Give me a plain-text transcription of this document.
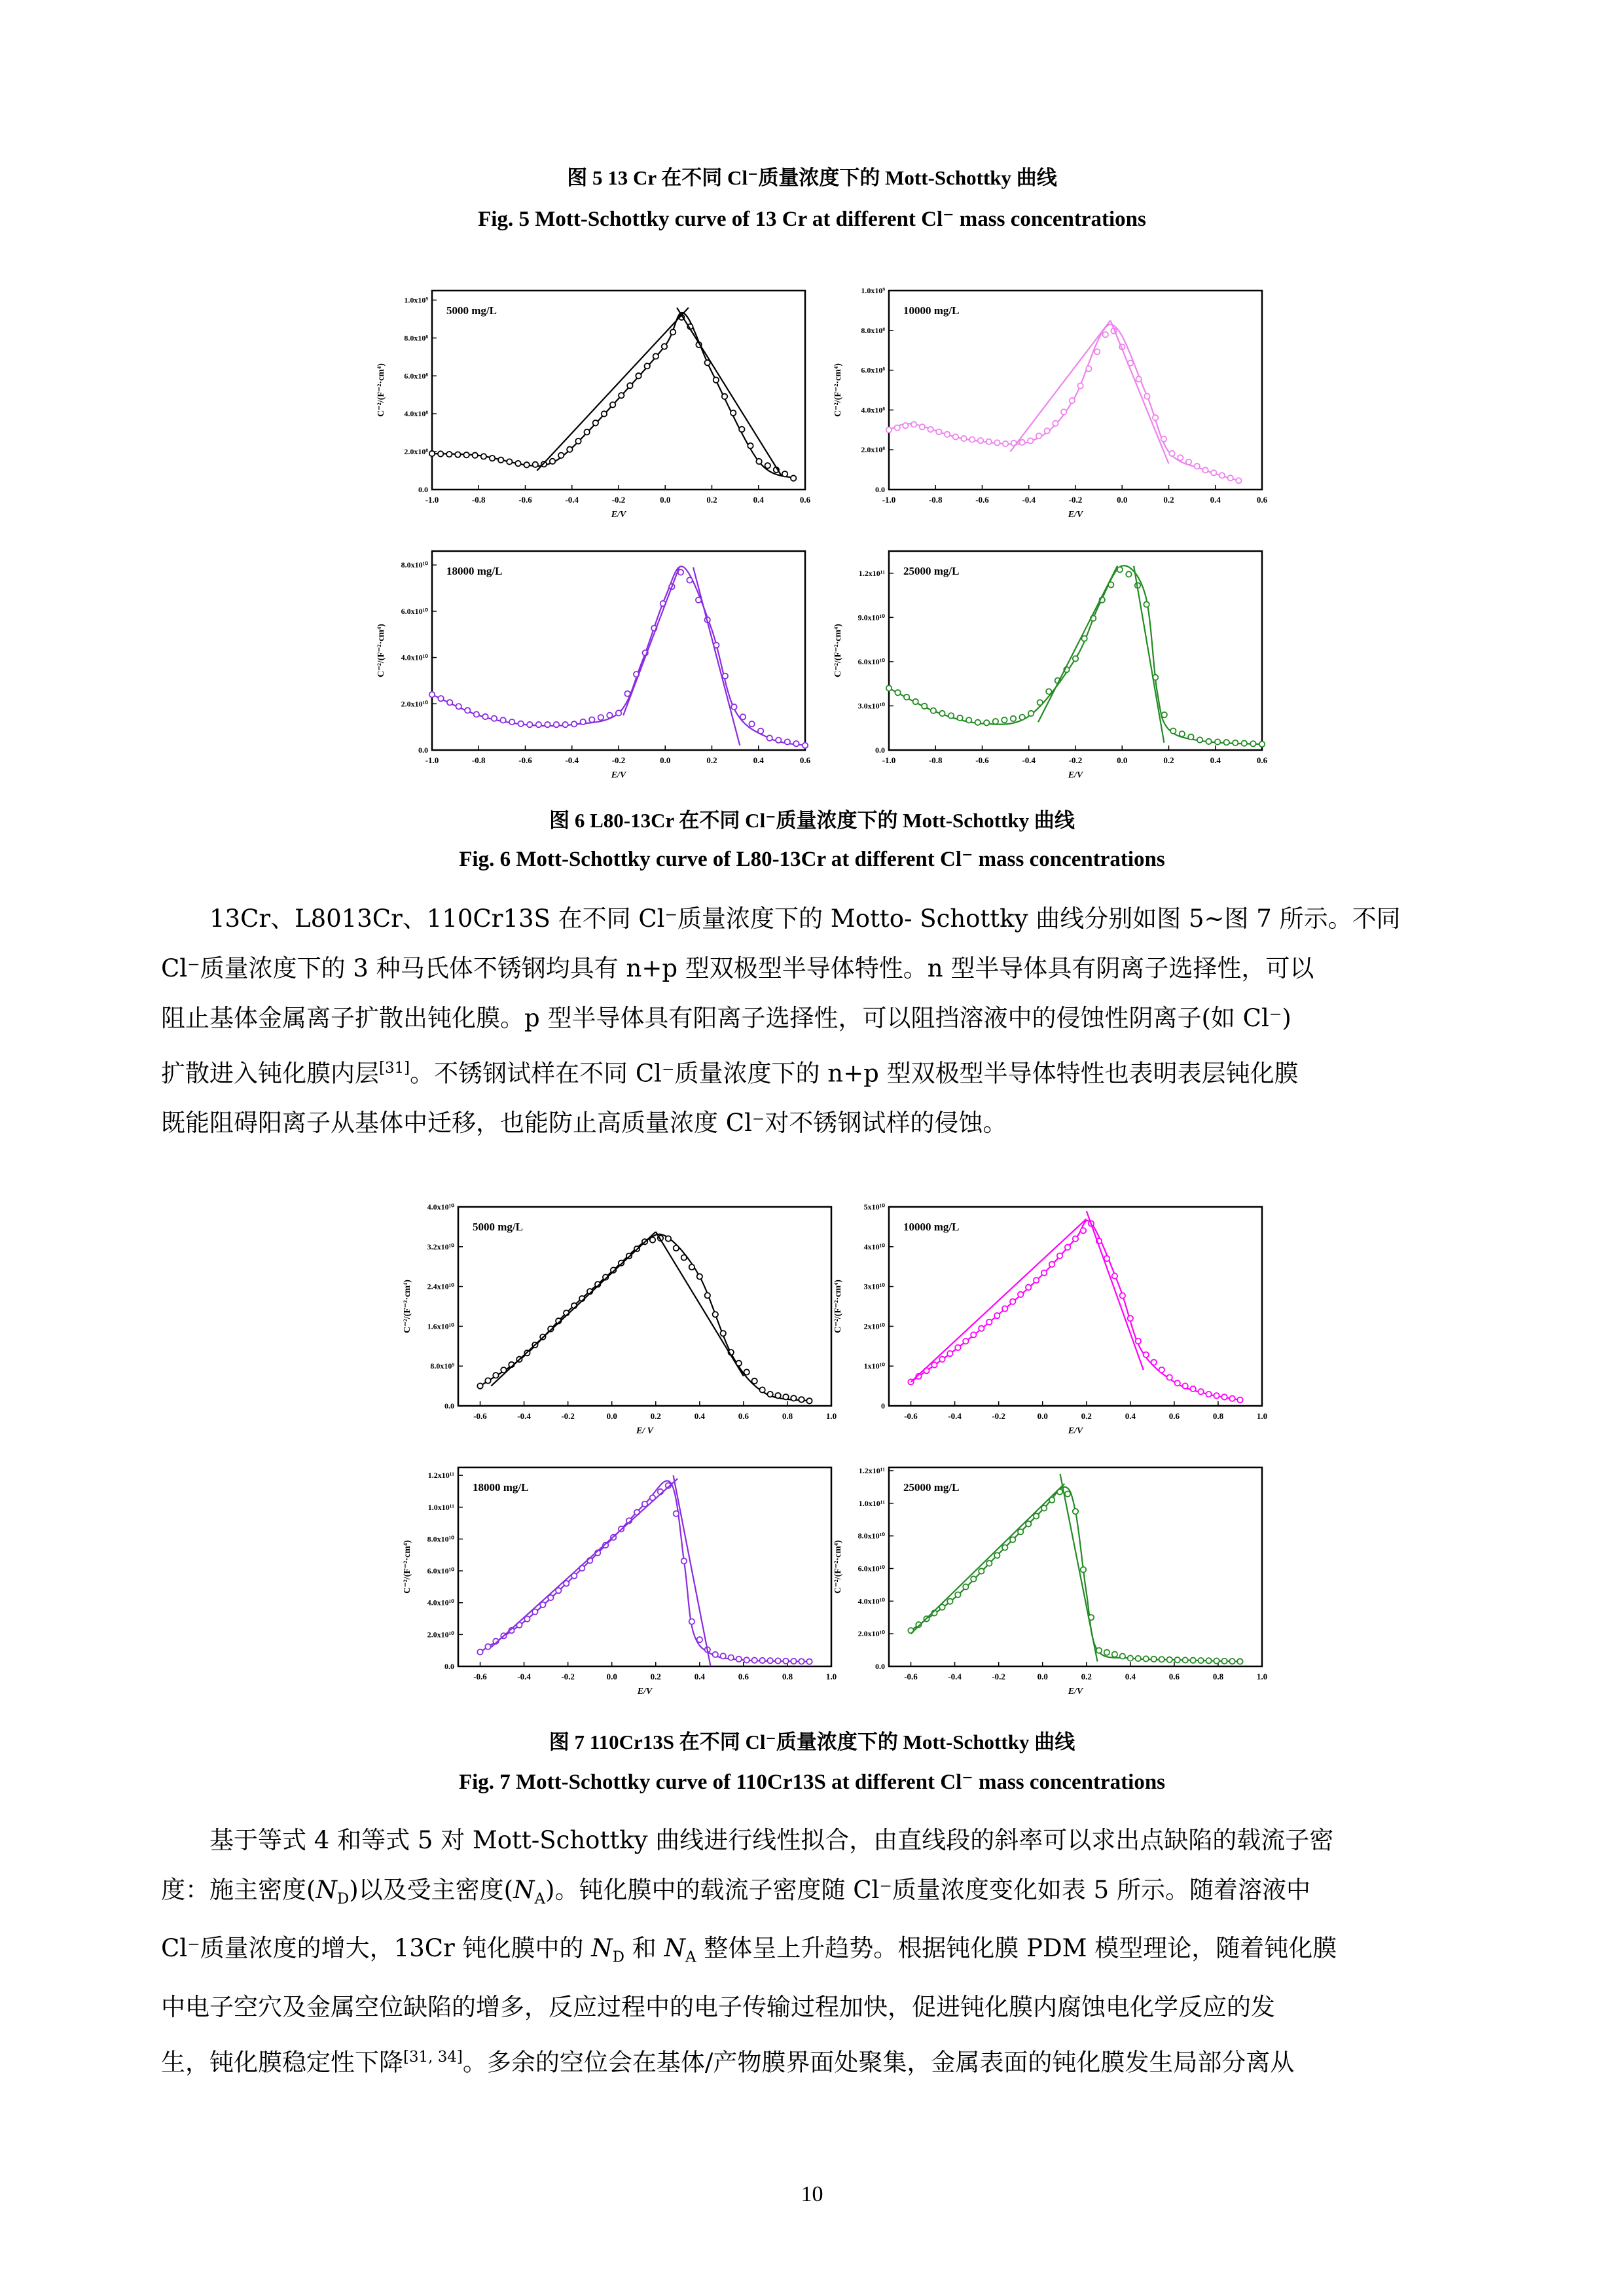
图 5 13 Cr 在不同 Cl⁻质量浓度下的 Mott-Schottky 曲线
Fig. 5 Mott-Schottky curve of 13 Cr at different Cl⁻ mass concentrations
-1.0	-0.8	-0.6	-0.4	-0.2	0.0	0.2	0.4	0.6
0.0
2.0x10⁸
4.0x10⁸
6.0x10⁸
8.0x10⁸
1.0x10⁹
E/V
C⁻²/(F⁻²·cm⁴)
5000 mg/L
-1.0	-0.8	-0.6	-0.4	-0.2	0.0	0.2	0.4	0.6
0.0
2.0x10⁸
4.0x10⁸
6.0x10⁸
8.0x10⁸
1.0x10⁹
E/V
C⁻²/(F⁻²·cm⁴)
10000 mg/L
-1.0	-0.8	-0.6	-0.4	-0.2	0.0	0.2	0.4	0.6
0.0
2.0x10¹⁰
4.0x10¹⁰
6.0x10¹⁰
8.0x10¹⁰
E/V
C⁻²/(F⁻²·cm⁴)
18000 mg/L
-1.0	-0.8	-0.6	-0.4	-0.2	0.0	0.2	0.4	0.6
0.0
3.0x10¹⁰
6.0x10¹⁰
9.0x10¹⁰
1.2x10¹¹
E/V
C⁻²/(F⁻²·cm⁴)
25000 mg/L
图 6 L80-13Cr 在不同 Cl⁻质量浓度下的 Mott-Schottky 曲线
Fig. 6 Mott-Schottky curve of L80-13Cr at different Cl⁻ mass concentrations
13Cr、L8013Cr、110Cr13S 在不同 Cl⁻质量浓度下的 Motto- Schottky 曲线分别如图 5~图 7 所示。不同
Cl⁻质量浓度下的 3 种马氏体不锈钢均具有 n+p 型双极型半导体特性。n 型半导体具有阴离子选择性，可以
阻止基体金属离子扩散出钝化膜。p 型半导体具有阳离子选择性，可以阻挡溶液中的侵蚀性阴离子(如 Cl⁻)
扩散进入钝化膜内层[31]。不锈钢试样在不同 Cl⁻质量浓度下的 n+p 型双极型半导体特性也表明表层钝化膜
既能阻碍阳离子从基体中迁移，也能防止高质量浓度 Cl⁻对不锈钢试样的侵蚀。
-0.6	-0.4	-0.2	0.0	0.2	0.4	0.6	0.8	1.0
0.0
8.0x10⁹
1.6x10¹⁰
2.4x10¹⁰
3.2x10¹⁰
4.0x10¹⁰
E/ V
C⁻²/(F⁻²·cm⁴)
5000 mg/L
-0.6	-0.4	-0.2	0.0	0.2	0.4	0.6	0.8	1.0
0
1x10¹⁰
2x10¹⁰
3x10¹⁰
4x10¹⁰
5x10¹⁰
E/V
C⁻²/(F⁻²·cm⁴)
10000 mg/L
-0.6	-0.4	-0.2	0.0	0.2	0.4	0.6	0.8	1.0
0.0
2.0x10¹⁰
4.0x10¹⁰
6.0x10¹⁰
8.0x10¹⁰
1.0x10¹¹
1.2x10¹¹
E/V
C⁻²/(F⁻²·cm⁴)
18000 mg/L
-0.6	-0.4	-0.2	0.0	0.2	0.4	0.6	0.8	1.0
0.0
2.0x10¹⁰
4.0x10¹⁰
6.0x10¹⁰
8.0x10¹⁰
1.0x10¹¹
1.2x10¹¹
E/V
C⁻²/(F⁻²·cm⁴)
25000 mg/L
图 7 110Cr13S 在不同 Cl⁻质量浓度下的 Mott-Schottky 曲线
Fig. 7 Mott-Schottky curve of 110Cr13S at different Cl⁻ mass concentrations
基于等式 4 和等式 5 对 Mott-Schottky 曲线进行线性拟合，由直线段的斜率可以求出点缺陷的载流子密
度：施主密度$(N_D)$以及受主密度$(N_A)$。钝化膜中的载流子密度随 Cl⁻质量浓度变化如表 5 所示。随着溶液中
Cl⁻质量浓度的增大，13Cr 钝化膜中的 $N_D$ 和 $N_A$ 整体呈上升趋势。根据钝化膜 PDM 模型理论，随着钝化膜
中电子空穴及金属空位缺陷的增多，反应过程中的电子传输过程加快，促进钝化膜内腐蚀电化学反应的发
生，钝化膜稳定性下降[31, 34]。多余的空位会在基体/产物膜界面处聚集，金属表面的钝化膜发生局部分离从
10
